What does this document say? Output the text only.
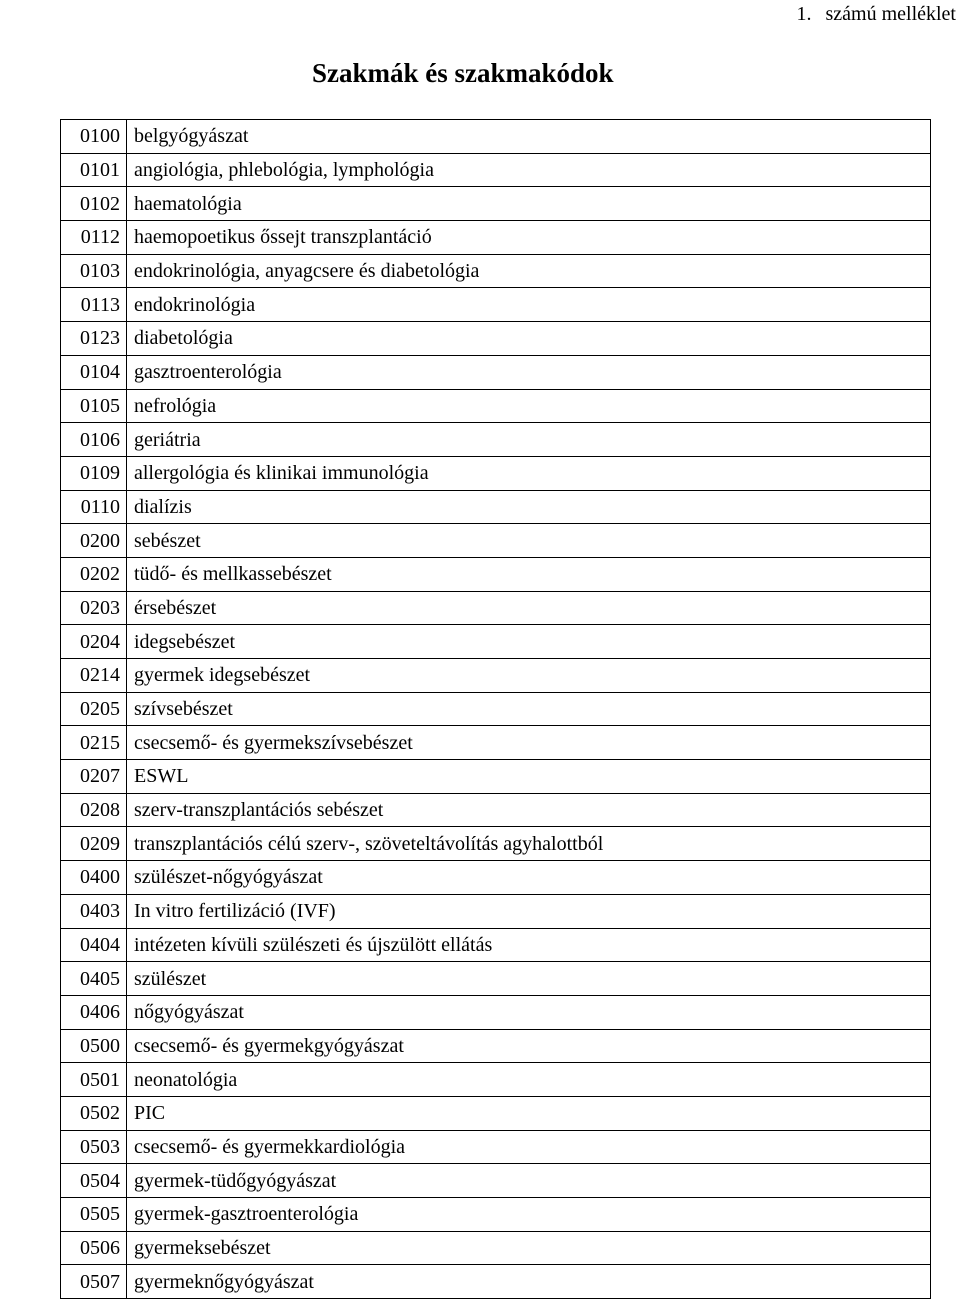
1. számú melléklet
Szakmák és szakmakódok
0100	belgyógyászat
0101	angiológia, phlebológia, lymphológia
0102	haematológia
0112	haemopoetikus őssejt transzplantáció
0103	endokrinológia, anyagcsere és diabetológia
0113	endokrinológia
0123	diabetológia
0104	gasztroenterológia
0105	nefrológia
0106	geriátria
0109	allergológia és klinikai immunológia
0110	dialízis
0200	sebészet
0202	tüdő- és mellkassebészet
0203	érsebészet
0204	idegsebészet
0214	gyermek idegsebészet
0205	szívsebészet
0215	csecsemő- és gyermekszívsebészet
0207	ESWL
0208	szerv-transzplantációs sebészet
0209	transzplantációs célú szerv-, szöveteltávolítás agyhalottból
0400	szülészet-nőgyógyászat
0403	In vitro fertilizáció (IVF)
0404	intézeten kívüli szülészeti és újszülött ellátás
0405	szülészet
0406	nőgyógyászat
0500	csecsemő- és gyermekgyógyászat
0501	neonatológia
0502	PIC
0503	csecsemő- és gyermekkardiológia
0504	gyermek-tüdőgyógyászat
0505	gyermek-gasztroenterológia
0506	gyermeksebészet
0507	gyermeknőgyógyászat
